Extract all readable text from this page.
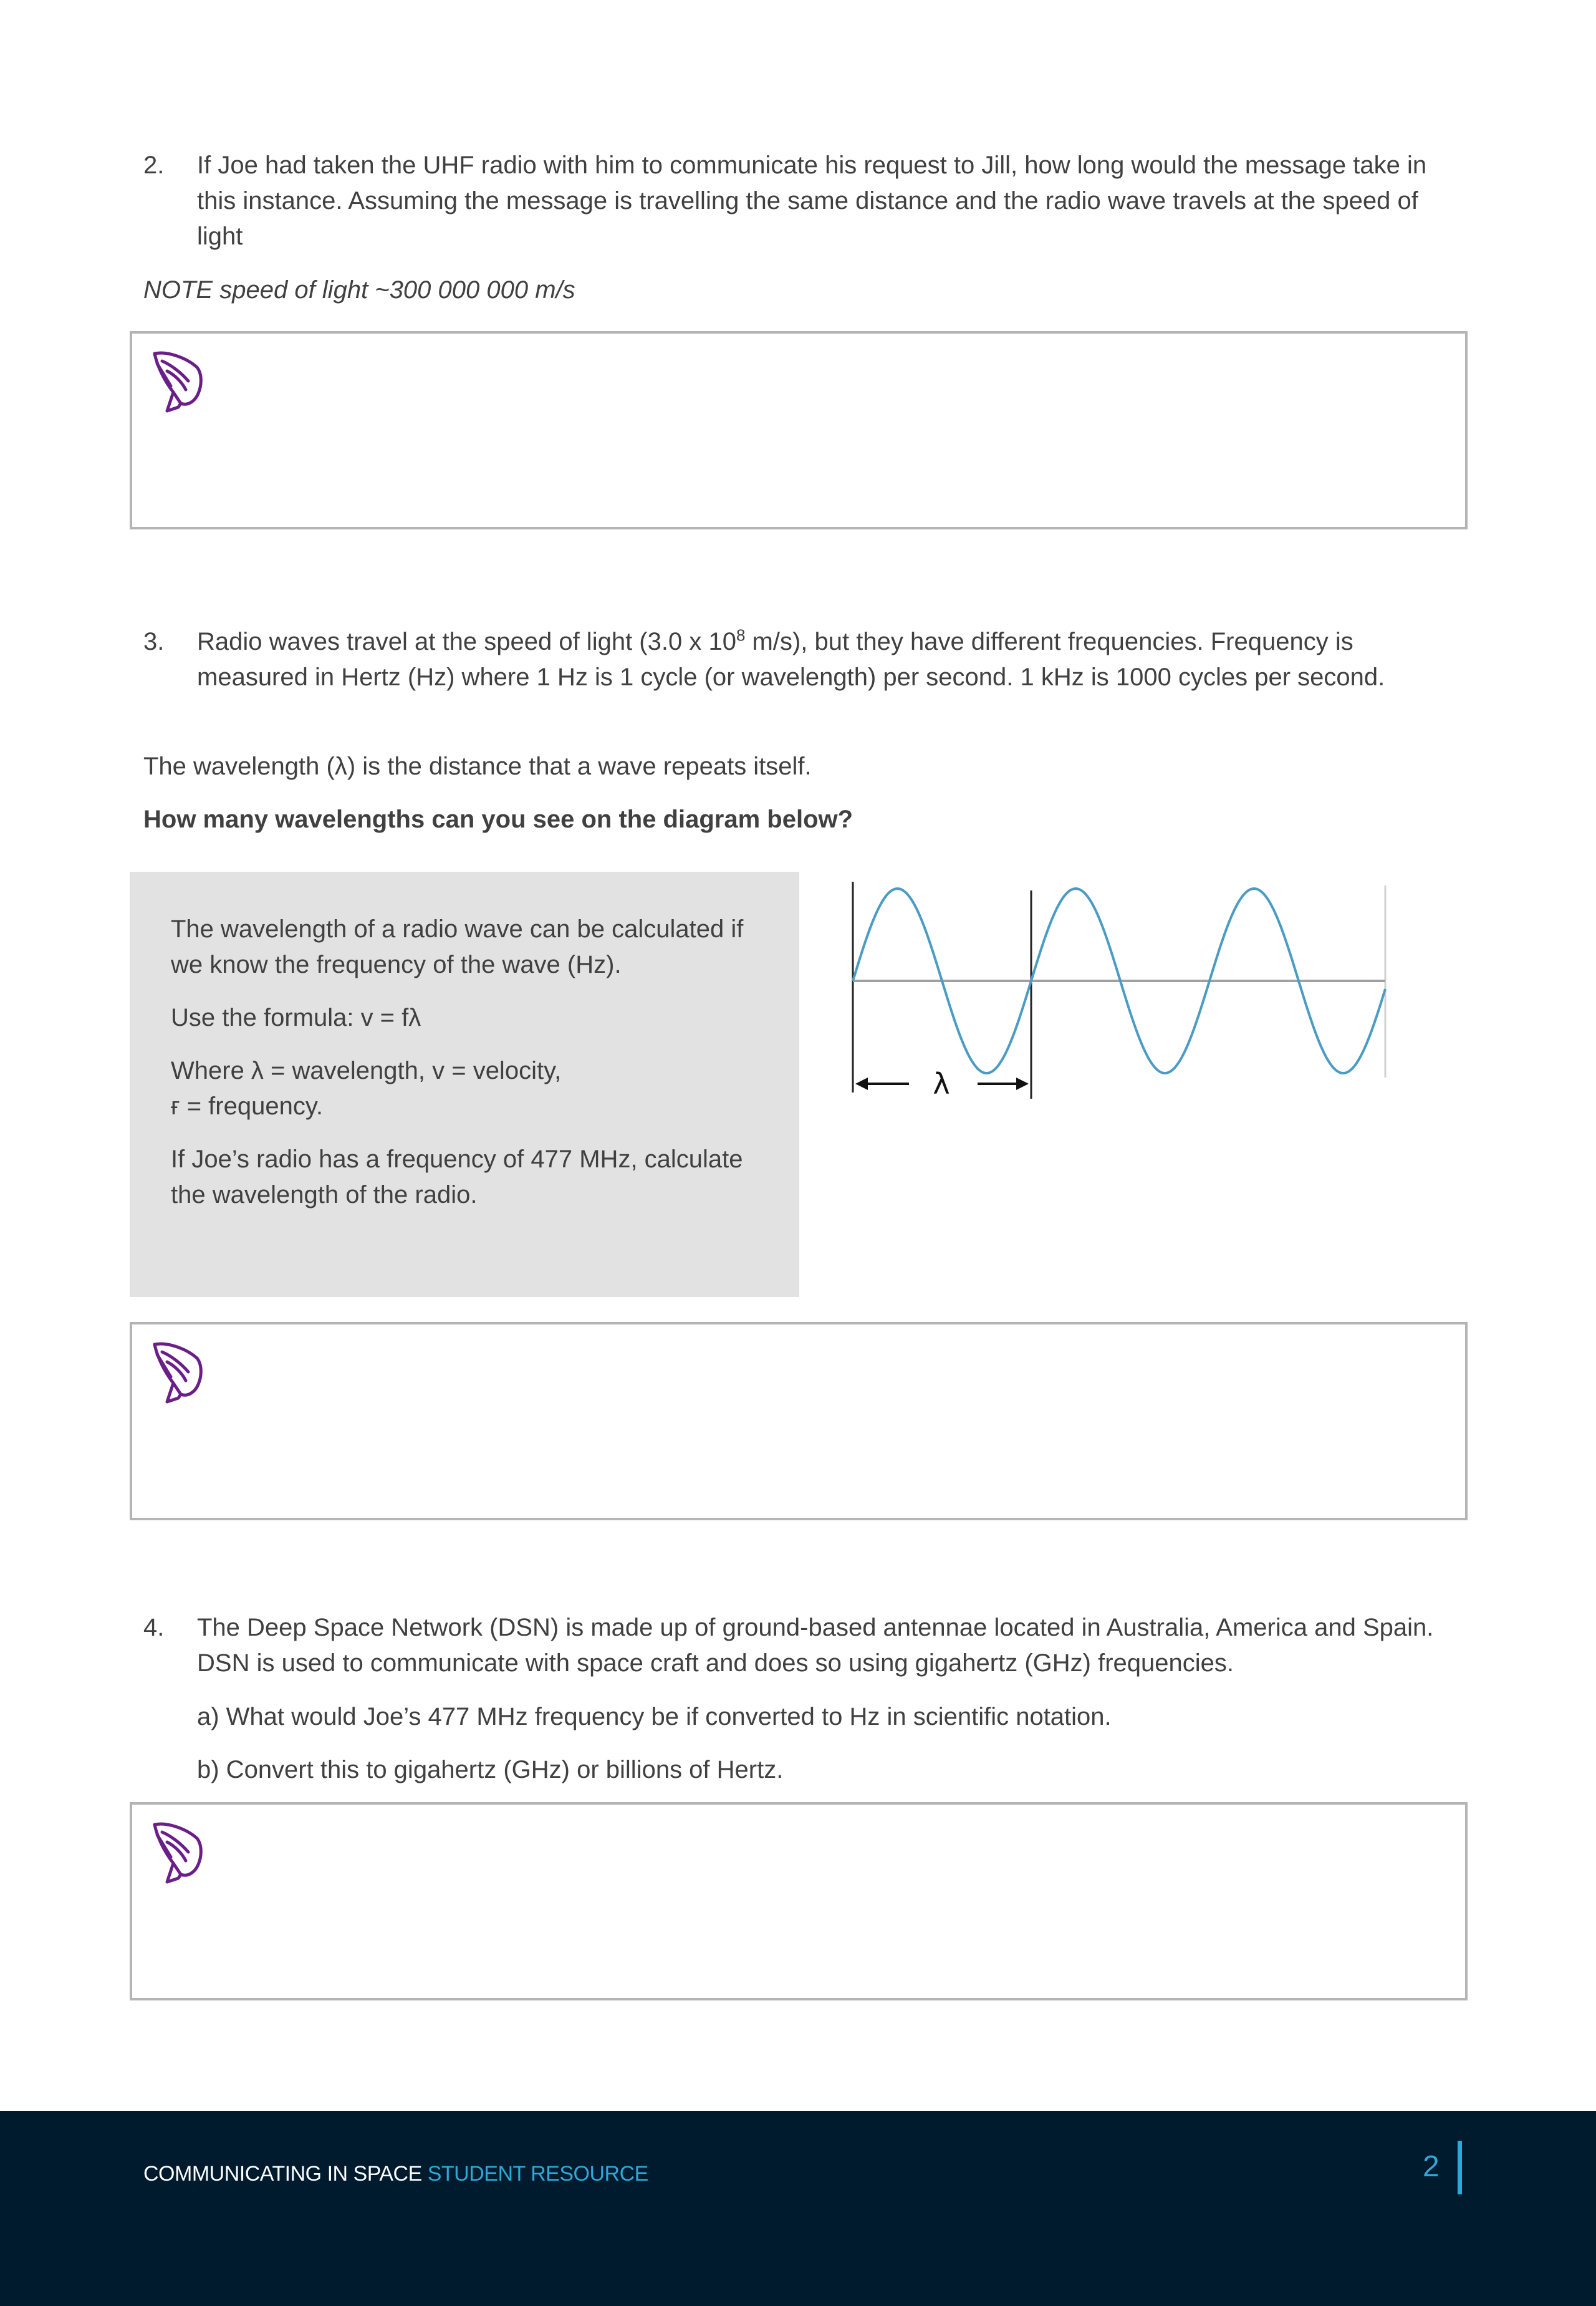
2. If Joe had taken the UHF radio with him to communicate his request to Jill, how long would the message take in this instance. Assuming the message is travelling the same distance and the radio wave travels at the speed of light
NOTE speed of light ~300 000 000 m/s
3. Radio waves travel at the speed of light (3.0 x $10^8$ m/s), but they have different frequencies. Frequency is measured in Hertz (Hz) where 1 Hz is 1 cycle (or wavelength) per second. 1 kHz is 1000 cycles per second.
The wavelength (λ) is the distance that a wave repeats itself.
How many wavelengths can you see on the diagram below?

The wavelength of a radio wave can be calculated if we know the frequency of the wave (Hz).

Use the formula: v = fλ

Where λ = wavelength, v = velocity,
ғ = frequency.

If Joe’s radio has a frequency of 477 MHz, calculate the wavelength of the radio.

λ
4. The Deep Space Network (DSN) is made up of ground-based antennae located in Australia, America and Spain. DSN is used to communicate with space craft and does so using gigahertz (GHz) frequencies.
a) What would Joe’s 477 MHz frequency be if converted to Hz in scientific notation.
b) Convert this to gigahertz (GHz) or billions of Hertz.
COMMUNICATING IN SPACE STUDENT RESOURCE	2
